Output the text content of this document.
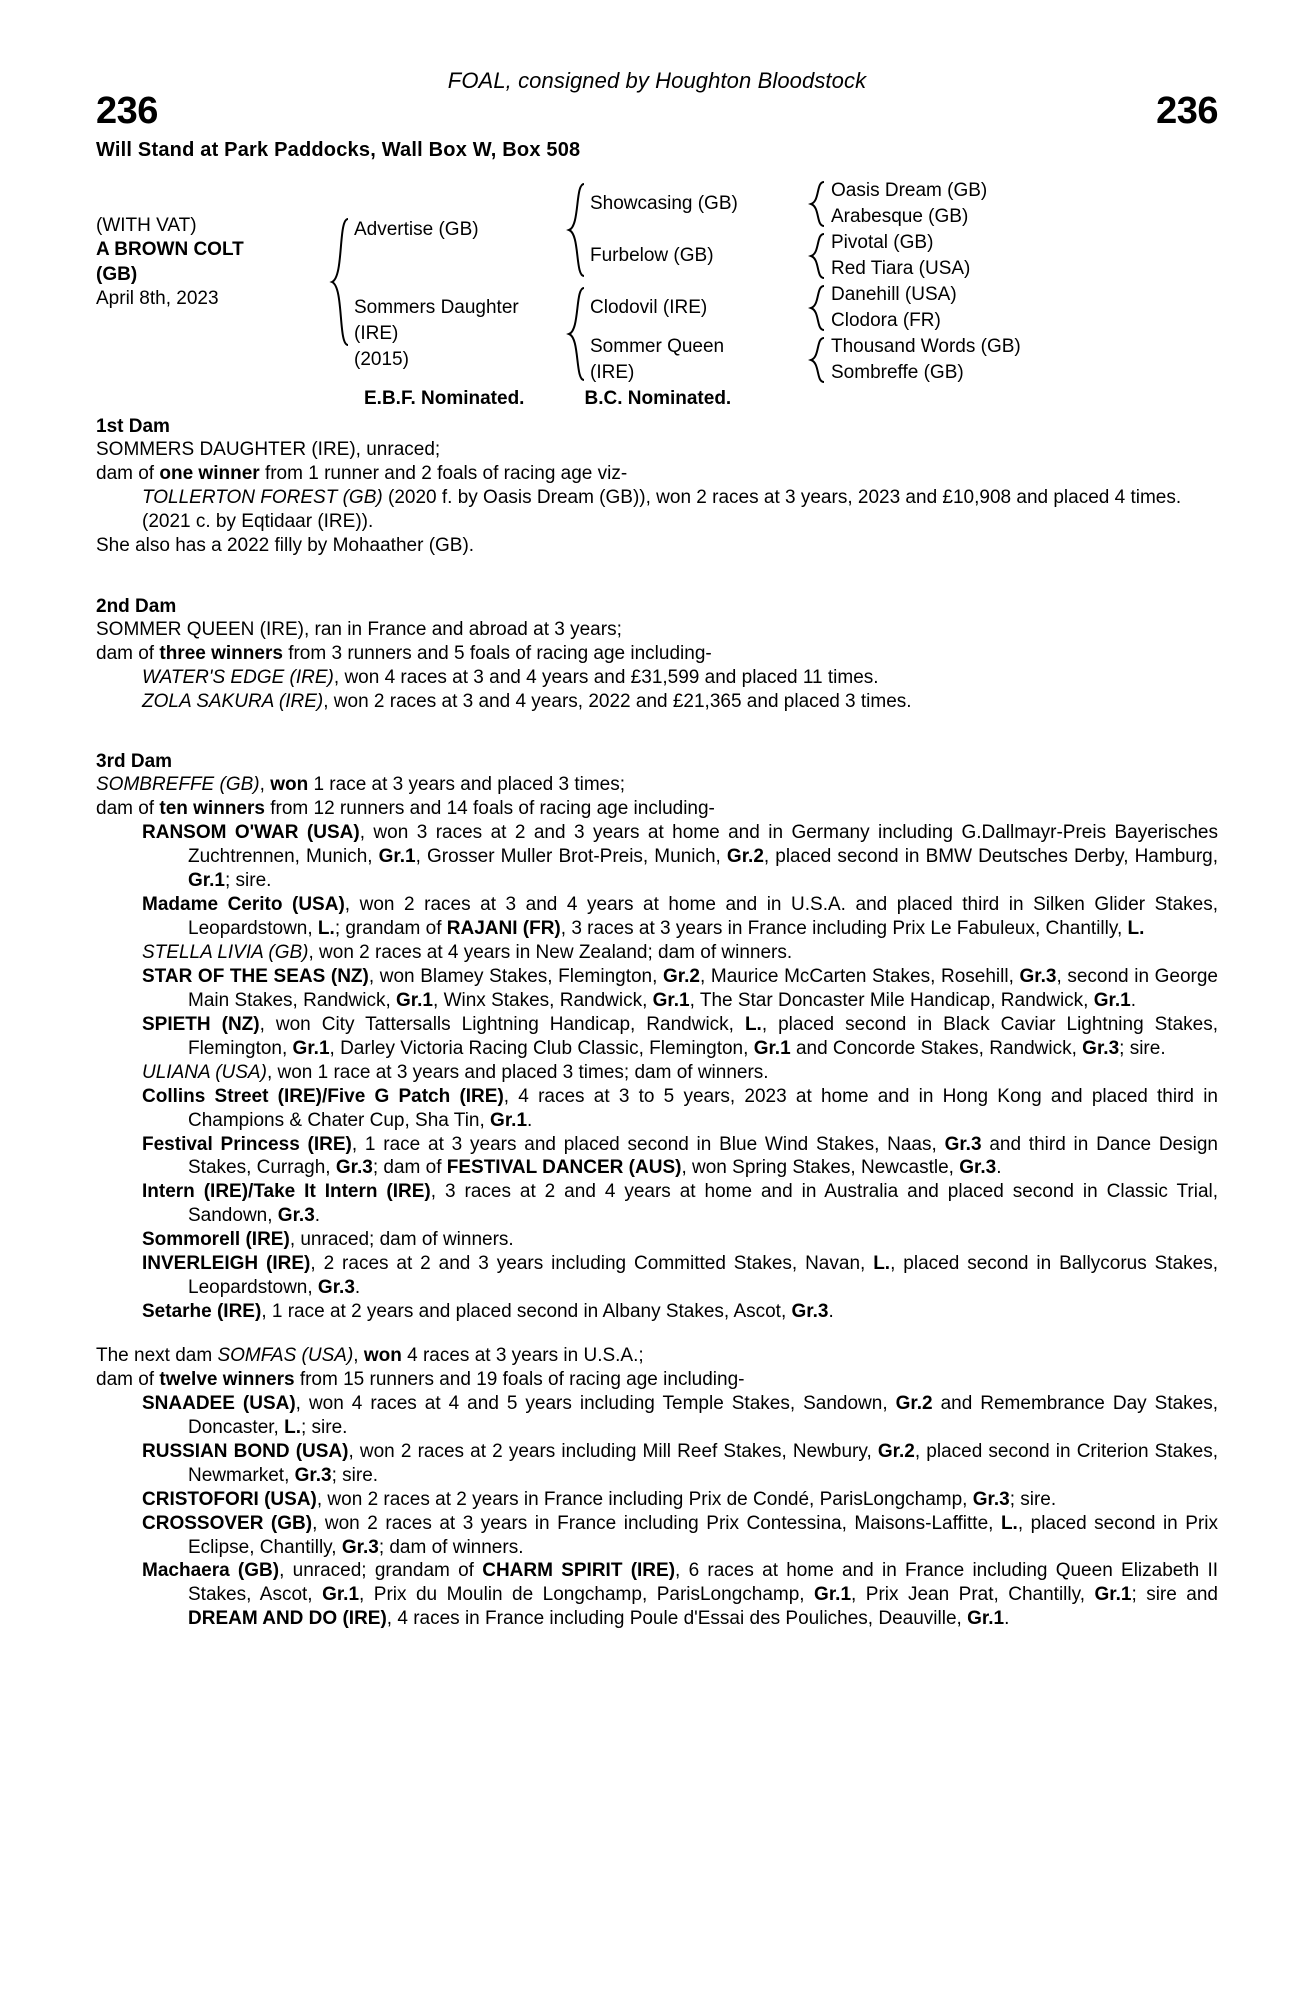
FOAL, consigned by Houghton Bloodstock
236	236
Will Stand at Park Paddocks, Wall Box W, Box 508
(WITH VAT)
A BROWN COLT
(GB)
April 8th, 2023
Advertise (GB)
Sommers Daughter
(IRE)
(2015)
Showcasing (GB)
Furbelow (GB)
Clodovil (IRE)
Sommer Queen
(IRE)
Oasis Dream (GB)
Arabesque (GB)
Pivotal (GB)
Red Tiara (USA)
Danehill (USA)
Clodora (FR)
Thousand Words (GB)
Sombreffe (GB)
E.B.F. Nominated.	B.C. Nominated.
1st Dam

SOMMERS DAUGHTER (IRE), unraced;

dam of one winner from 1 runner and 2 foals of racing age viz-

TOLLERTON FOREST (GB) (2020 f. by Oasis Dream (GB)), won 2 races at 3 years, 2023 and £10,908 and placed 4 times.

(2021 c. by Eqtidaar (IRE)).

She also has a 2022 filly by Mohaather (GB).

2nd Dam

SOMMER QUEEN (IRE), ran in France and abroad at 3 years;

dam of three winners from 3 runners and 5 foals of racing age including-

WATER'S EDGE (IRE), won 4 races at 3 and 4 years and £31,599 and placed 11 times.

ZOLA SAKURA (IRE), won 2 races at 3 and 4 years, 2022 and £21,365 and placed 3 times.

3rd Dam

SOMBREFFE (GB), won 1 race at 3 years and placed 3 times;

dam of ten winners from 12 runners and 14 foals of racing age including-

RANSOM O'WAR (USA), won 3 races at 2 and 3 years at home and in Germany including G.Dallmayr-Preis Bayerisches Zuchtrennen, Munich, Gr.1, Grosser Muller Brot-Preis, Munich, Gr.2, placed second in BMW Deutsches Derby, Hamburg, Gr.1; sire.

Madame Cerito (USA), won 2 races at 3 and 4 years at home and in U.S.A. and placed third in Silken Glider Stakes, Leopardstown, L.; grandam of RAJANI (FR), 3 races at 3 years in France including Prix Le Fabuleux, Chantilly, L.

STELLA LIVIA (GB), won 2 races at 4 years in New Zealand; dam of winners.

STAR OF THE SEAS (NZ), won Blamey Stakes, Flemington, Gr.2, Maurice McCarten Stakes, Rosehill, Gr.3, second in George Main Stakes, Randwick, Gr.1, Winx Stakes, Randwick, Gr.1, The Star Doncaster Mile Handicap, Randwick, Gr.1.

SPIETH (NZ), won City Tattersalls Lightning Handicap, Randwick, L., placed second in Black Caviar Lightning Stakes, Flemington, Gr.1, Darley Victoria Racing Club Classic, Flemington, Gr.1 and Concorde Stakes, Randwick, Gr.3; sire.

ULIANA (USA), won 1 race at 3 years and placed 3 times; dam of winners.

Collins Street (IRE)/Five G Patch (IRE), 4 races at 3 to 5 years, 2023 at home and in Hong Kong and placed third in Champions & Chater Cup, Sha Tin, Gr.1.

Festival Princess (IRE), 1 race at 3 years and placed second in Blue Wind Stakes, Naas, Gr.3 and third in Dance Design Stakes, Curragh, Gr.3; dam of FESTIVAL DANCER (AUS), won Spring Stakes, Newcastle, Gr.3.

Intern (IRE)/Take It Intern (IRE), 3 races at 2 and 4 years at home and in Australia and placed second in Classic Trial, Sandown, Gr.3.

Sommorell (IRE), unraced; dam of winners.

INVERLEIGH (IRE), 2 races at 2 and 3 years including Committed Stakes, Navan, L., placed second in Ballycorus Stakes, Leopardstown, Gr.3.

Setarhe (IRE), 1 race at 2 years and placed second in Albany Stakes, Ascot, Gr.3.

The next dam SOMFAS (USA), won 4 races at 3 years in U.S.A.;

dam of twelve winners from 15 runners and 19 foals of racing age including-

SNAADEE (USA), won 4 races at 4 and 5 years including Temple Stakes, Sandown, Gr.2 and Remembrance Day Stakes, Doncaster, L.; sire.

RUSSIAN BOND (USA), won 2 races at 2 years including Mill Reef Stakes, Newbury, Gr.2, placed second in Criterion Stakes, Newmarket, Gr.3; sire.

CRISTOFORI (USA), won 2 races at 2 years in France including Prix de Condé, ParisLongchamp, Gr.3; sire.

CROSSOVER (GB), won 2 races at 3 years in France including Prix Contessina, Maisons-Laffitte, L., placed second in Prix Eclipse, Chantilly, Gr.3; dam of winners.

Machaera (GB), unraced; grandam of CHARM SPIRIT (IRE), 6 races at home and in France including Queen Elizabeth II Stakes, Ascot, Gr.1, Prix du Moulin de Longchamp, ParisLongchamp, Gr.1, Prix Jean Prat, Chantilly, Gr.1; sire and DREAM AND DO (IRE), 4 races in France including Poule d'Essai des Pouliches, Deauville, Gr.1.
